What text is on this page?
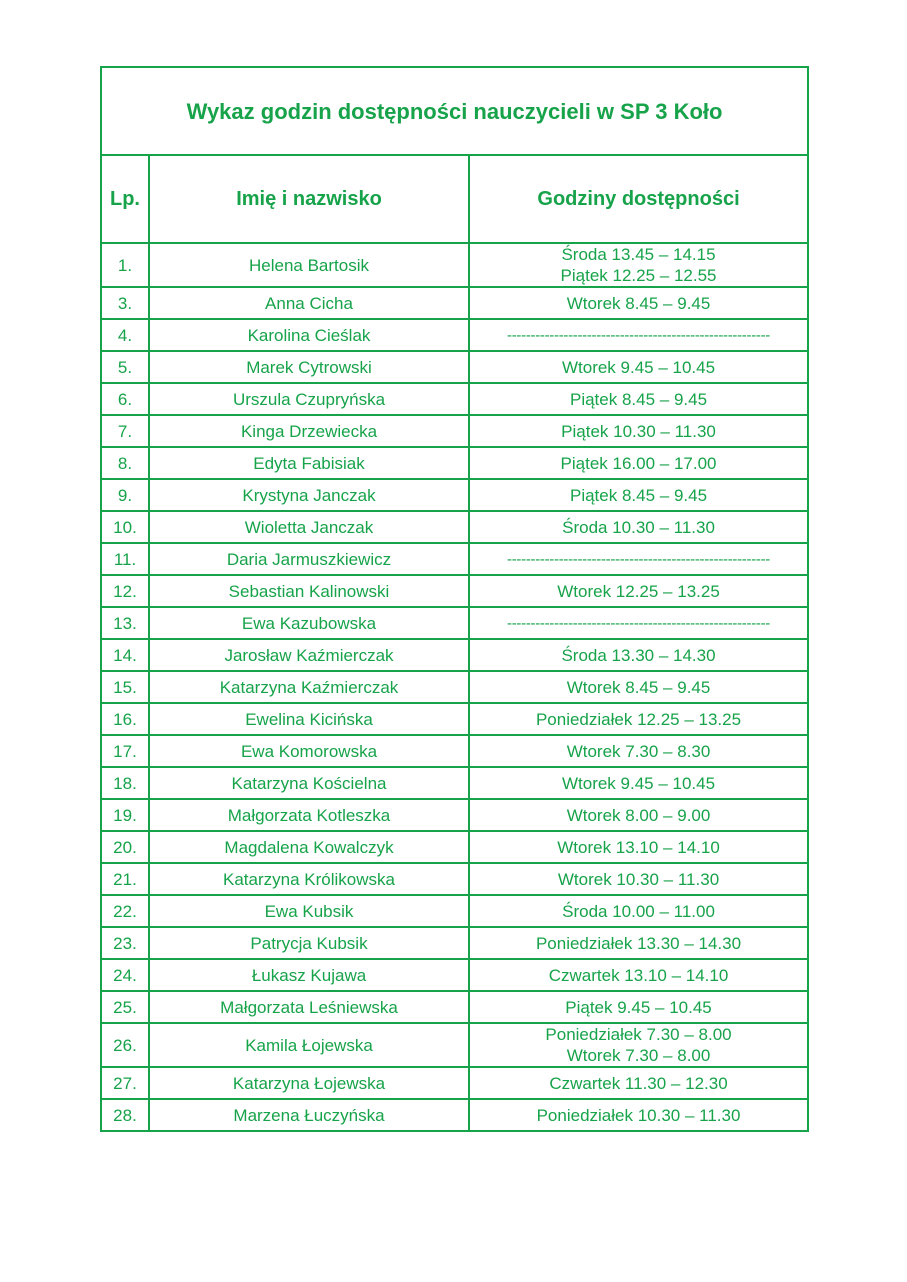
Wykaz godzin dostępności nauczycieli w SP 3 Koło		
Lp.	Imię i nazwisko	Godziny dostępności
1.	Helena Bartosik	Środa 13.45 – 14.15
Piątek 12.25 – 12.55

3.	Anna Cicha	Wtorek 8.45 – 9.45

4.	Karolina Cieślak	--------------------------------------------------------

5.	Marek Cytrowski	Wtorek 9.45 – 10.45

6.	Urszula Czupryńska	Piątek 8.45 – 9.45

7.	Kinga Drzewiecka	Piątek 10.30 – 11.30

8.	Edyta Fabisiak	Piątek 16.00 – 17.00

9.	Krystyna Janczak	Piątek 8.45 – 9.45

10.	Wioletta Janczak	Środa 10.30 – 11.30

11.	Daria Jarmuszkiewicz	--------------------------------------------------------

12.	Sebastian Kalinowski	Wtorek 12.25 – 13.25

13.	Ewa Kazubowska	--------------------------------------------------------

14.	Jarosław Kaźmierczak	Środa 13.30 – 14.30

15.	Katarzyna Kaźmierczak	Wtorek 8.45 – 9.45

16.	Ewelina Kicińska	Poniedziałek 12.25 – 13.25

17.	Ewa Komorowska	Wtorek 7.30 – 8.30

18.	Katarzyna Kościelna	Wtorek 9.45 – 10.45

19.	Małgorzata Kotleszka	Wtorek 8.00 – 9.00

20.	Magdalena Kowalczyk	Wtorek 13.10 – 14.10

21.	Katarzyna Królikowska	Wtorek 10.30 – 11.30

22.	Ewa Kubsik	Środa 10.00 – 11.00

23.	Patrycja Kubsik	Poniedziałek 13.30 – 14.30

24.	Łukasz Kujawa	Czwartek 13.10 – 14.10

25.	Małgorzata Leśniewska	Piątek 9.45 – 10.45

26.	Kamila Łojewska	Poniedziałek 7.30 – 8.00
Wtorek 7.30 – 8.00

27.	Katarzyna Łojewska	Czwartek 11.30 – 12.30

28.	Marzena Łuczyńska	Poniedziałek 10.30 – 11.30
